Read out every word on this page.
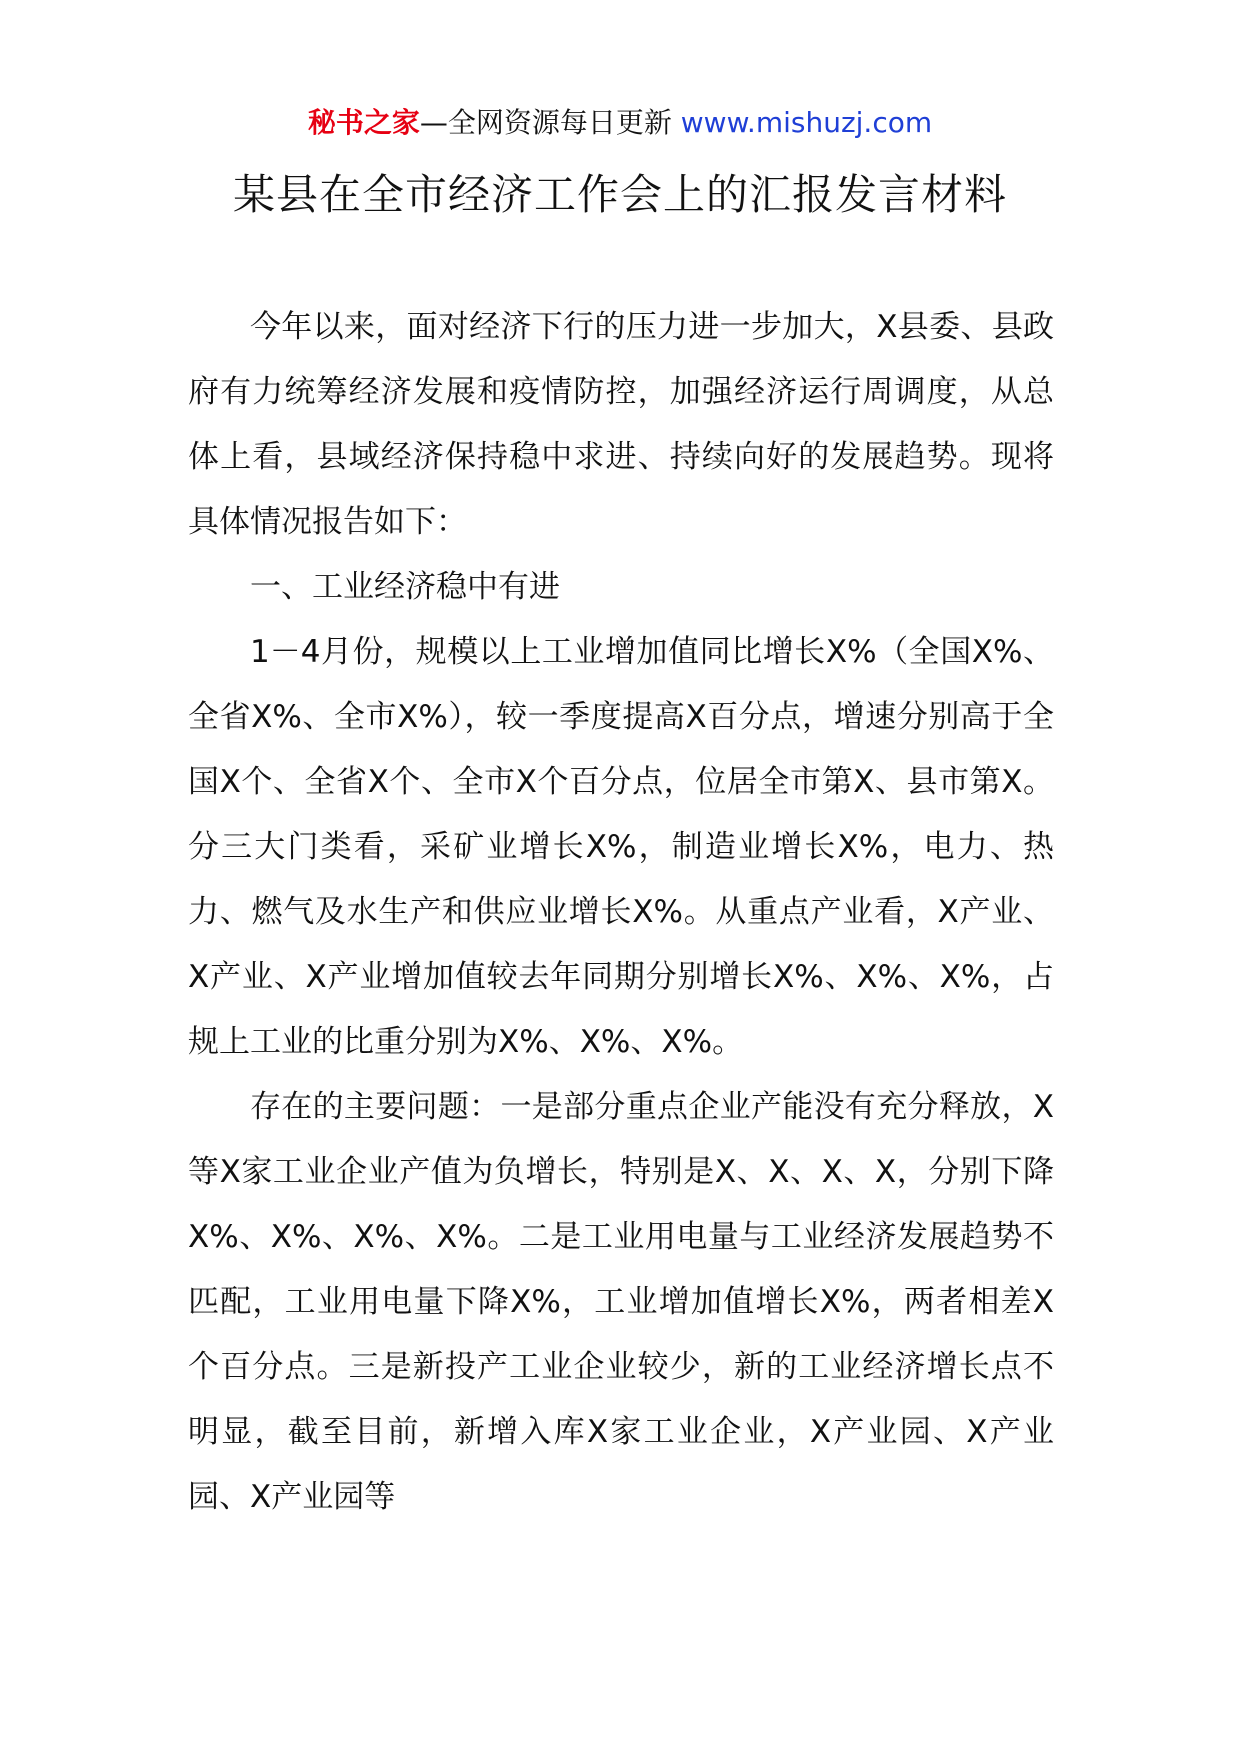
秘书之家—全网资源每日更新 www.mishuzj.com
某县在全市经济工作会上的汇报发言材料

今年以来，面对经济下行的压力进一步加大，X县委、县政府有力统筹经济发展和疫情防控，加强经济运行周调度，从总体上看，县域经济保持稳中求进、持续向好的发展趋势。现将具体情况报告如下：

一、工业经济稳中有进

1－4月份，规模以上工业增加值同比增长X%（全国X%、全省X%、全市X%），较一季度提高X百分点，增速分别高于全国X个、全省X个、全市X个百分点，位居全市第X、县市第X。分三大门类看，采矿业增长X%，制造业增长X%，电力、热力、燃气及水生产和供应业增长X%。从重点产业看，X产业、X产业、X产业增加值较去年同期分别增长X%、X%、X%，占规上工业的比重分别为X%、X%、X%。

存在的主要问题：一是部分重点企业产能没有充分释放，X等X家工业企业产值为负增长，特别是X、X、X、X，分别下降X%、X%、X%、X%。二是工业用电量与工业经济发展趋势不匹配，工业用电量下降X%，工业增加值增长X%，两者相差X个百分点。三是新投产工业企业较少，新的工业经济增长点不明显，截至目前，新增入库X家工业企业，X产业园、X产业园、X产业园等
